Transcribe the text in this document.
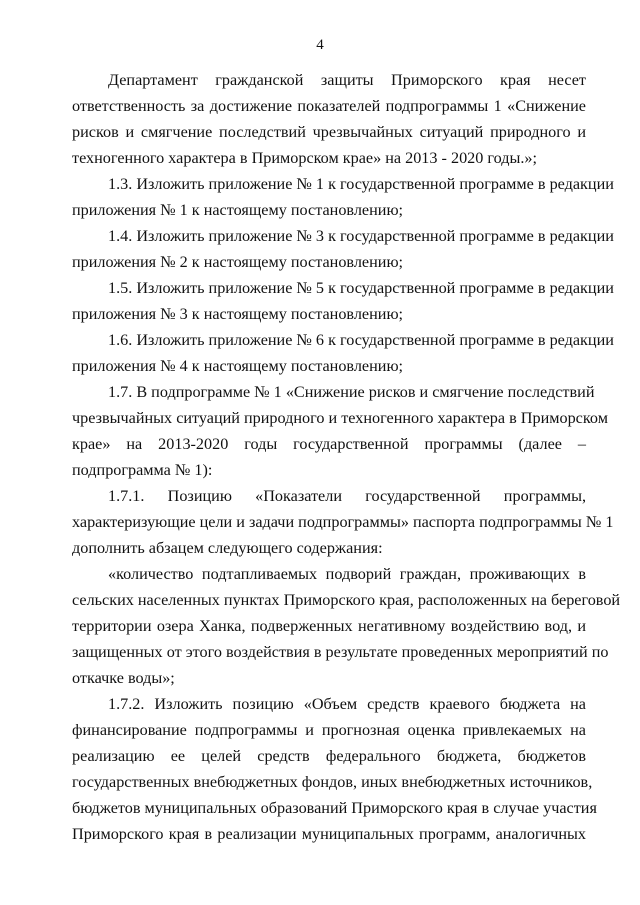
4

Департамент гражданской защиты Приморского края несет
ответственность за достижение показателей подпрограммы 1 «Снижение
рисков и смягчение последствий чрезвычайных ситуаций природного и
техногенного характера в Приморском крае» на 2013 - 2020 годы.»;

1.3. Изложить приложение № 1 к государственной программе в редакции
приложения № 1 к настоящему постановлению;

1.4. Изложить приложение № 3 к государственной программе в редакции
приложения № 2 к настоящему постановлению;

1.5. Изложить приложение № 5 к государственной программе в редакции
приложения № 3 к настоящему постановлению;

1.6. Изложить приложение № 6 к государственной программе в редакции
приложения № 4 к настоящему постановлению;

1.7. В подпрограмме № 1 «Снижение рисков и смягчение последствий
чрезвычайных ситуаций природного и техногенного характера в Приморском
крае» на 2013-2020 годы государственной программы (далее –
подпрограмма № 1):

1.7.1. Позицию «Показатели государственной программы,
характеризующие цели и задачи подпрограммы» паспорта подпрограммы № 1
дополнить абзацем следующего содержания:

«количество подтапливаемых подворий граждан, проживающих в
сельских населенных пунктах Приморского края, расположенных на береговой
территории озера Ханка, подверженных негативному воздействию вод, и
защищенных от этого воздействия в результате проведенных мероприятий по
откачке воды»;

1.7.2. Изложить позицию «Объем средств краевого бюджета на
финансирование подпрограммы и прогнозная оценка привлекаемых на
реализацию ее целей средств федерального бюджета, бюджетов
государственных внебюджетных фондов, иных внебюджетных источников,
бюджетов муниципальных образований Приморского края в случае участия
Приморского края в реализации муниципальных программ, аналогичных
